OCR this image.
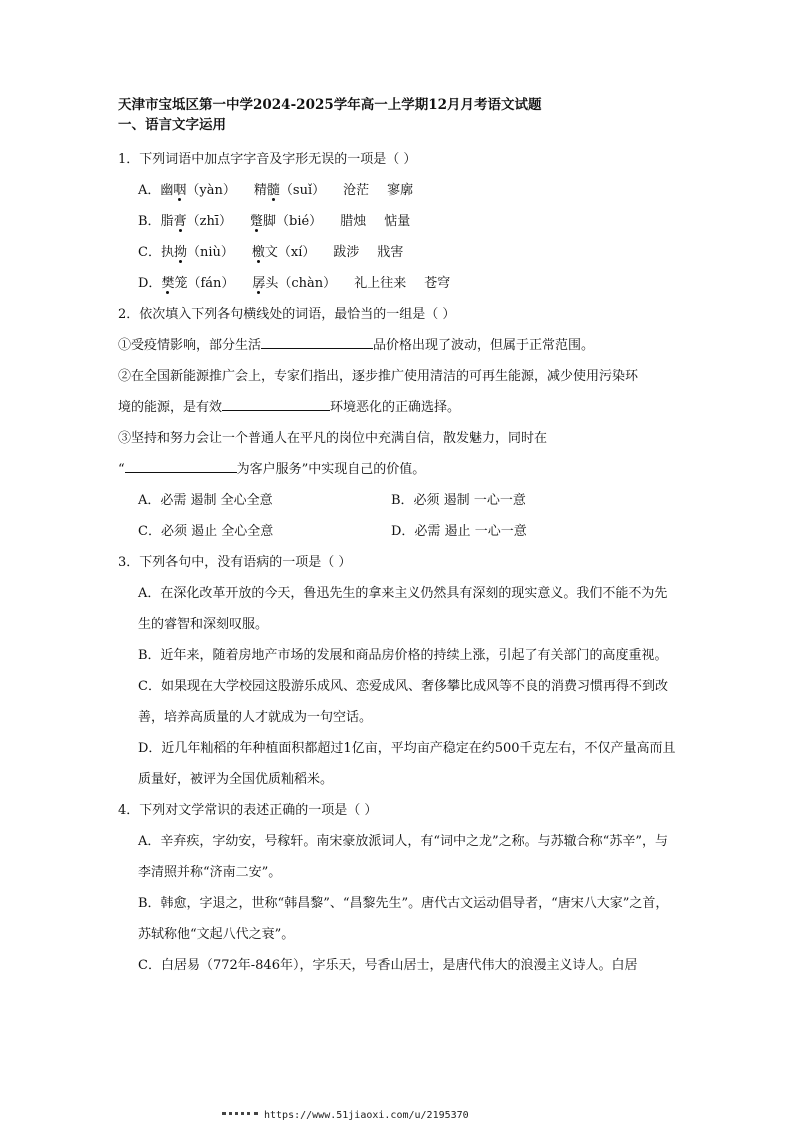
天津市宝坻区第一中学2024-2025学年高一上学期12月月考语文试题

一、语言文字运用

1．下列词语中加点字字音及字形无误的一项是（ ）

A．幽咽（yàn） 精髓（suǐ） 沧茫 寥廓

B．脂膏（zhī） 蹩脚（bié） 腊烛 惦量

C．执拗（niù） 檄文（xí） 跋涉 戕害

D．樊笼（fán） 孱头（chàn） 礼上往来 苍穹

2．依次填入下列各句横线处的词语，最恰当的一组是（ ）

①受疫情影响，部分生活	品价格出现了波动，但属于正常范围。

②在全国新能源推广会上，专家们指出，逐步推广使用清洁的可再生能源，减少使用污染环

境的能源，是有效	环境恶化的正确选择。

③坚持和努力会让一个普通人在平凡的岗位中充满自信，散发魅力，同时在

“	为客户服务”中实现自己的价值。

A．必需 遏制 全心全意	B．必须 遏制 一心一意
C．必须 遏止 全心全意	D．必需 遏止 一心一意

3．下列各句中，没有语病的一项是（ ）

A．在深化改革开放的今天，鲁迅先生的拿来主义仍然具有深刻的现实意义。我们不能不为先生的睿智和深刻叹服。

B．近年来，随着房地产市场的发展和商品房价格的持续上涨，引起了有关部门的高度重视。

C．如果现在大学校园这股游乐成风、恋爱成风、奢侈攀比成风等不良的消费习惯再得不到改善，培养高质量的人才就成为一句空话。

D．近几年籼稻的年种植面积都超过1亿亩，平均亩产稳定在约500千克左右，不仅产量高而且质量好，被评为全国优质籼稻米。

4．下列对文学常识的表述正确的一项是（ ）

A．辛弃疾，字幼安，号稼轩。南宋豪放派词人，有“词中之龙”之称。与苏辙合称“苏辛”，与李清照并称“济南二安”。

B．韩愈，字退之，世称“韩昌黎”、“昌黎先生”。唐代古文运动倡导者，“唐宋八大家”之首，苏轼称他“文起八代之衰”。

C．白居易（772年-846年），字乐天，号香山居士，是唐代伟大的浪漫主义诗人。白居

https://www.51jiaoxi.com/u/2195370
